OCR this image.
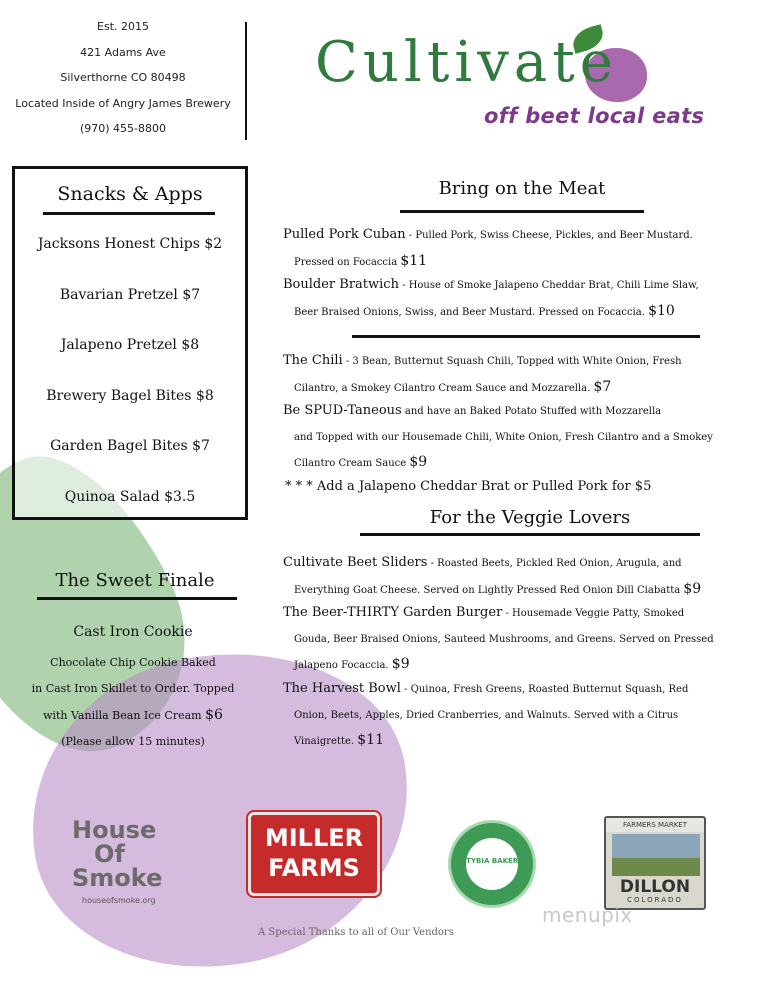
Est. 2015
421 Adams Ave
Silverthorne CO 80498
Located Inside of Angry James Brewery
(970) 455-8800
Cultivate
off beet local eats
Snacks & Apps
Jacksons Honest Chips $2
Bavarian Pretzel $7
Jalapeno Pretzel $8
Brewery Bagel Bites $8
Garden Bagel Bites $7
Quinoa Salad $3.5
The Sweet Finale
Cast Iron Cookie
Chocolate Chip Cookie Baked
in Cast Iron Skillet to Order. Topped
with Vanilla Bean Ice Cream $6
(Please allow 15 minutes)
Bring on the Meat
Pulled Pork Cuban - Pulled Pork, Swiss Cheese, Pickles, and Beer Mustard.
Pressed on Focaccia $11
Boulder Bratwich - House of Smoke Jalapeno Cheddar Brat, Chili Lime Slaw,
Beer Braised Onions, Swiss, and Beer Mustard. Pressed on Focaccia. $10
The Chili - 3 Bean, Butternut Squash Chili, Topped with White Onion, Fresh
Cilantro, a Smokey Cilantro Cream Sauce and Mozzarella. $7
Be SPUD-Taneous and have an Baked Potato Stuffed with Mozzarella
and Topped with our Housemade Chili, White Onion, Fresh Cilantro and a Smokey
Cilantro Cream Sauce $9
* * * Add a Jalapeno Cheddar Brat or Pulled Pork for $5
For the Veggie Lovers
Cultivate Beet Sliders - Roasted Beets, Pickled Red Onion, Arugula, and
Everything Goat Cheese. Served on Lightly Pressed Red Onion Dill Ciabatta $9
The Beer-THIRTY Garden Burger - Housemade Veggie Patty, Smoked
Gouda, Beer Braised Onions, Sauteed Mushrooms, and Greens. Served on Pressed
Jalapeno Focaccia. $9
The Harvest Bowl - Quinoa, Fresh Greens, Roasted Butternut Squash, Red
Onion, Beets, Apples, Dried Cranberries, and Walnuts. Served with a Citrus
Vinaigrette. $11
House
Of
Smoke
houseofsmoke.org
MILLER
FARMS	STYBIA BAKERY
FARMERS MARKET
DILLON
COLORADO
A Special Thanks to all of Our Vendors
menupix
